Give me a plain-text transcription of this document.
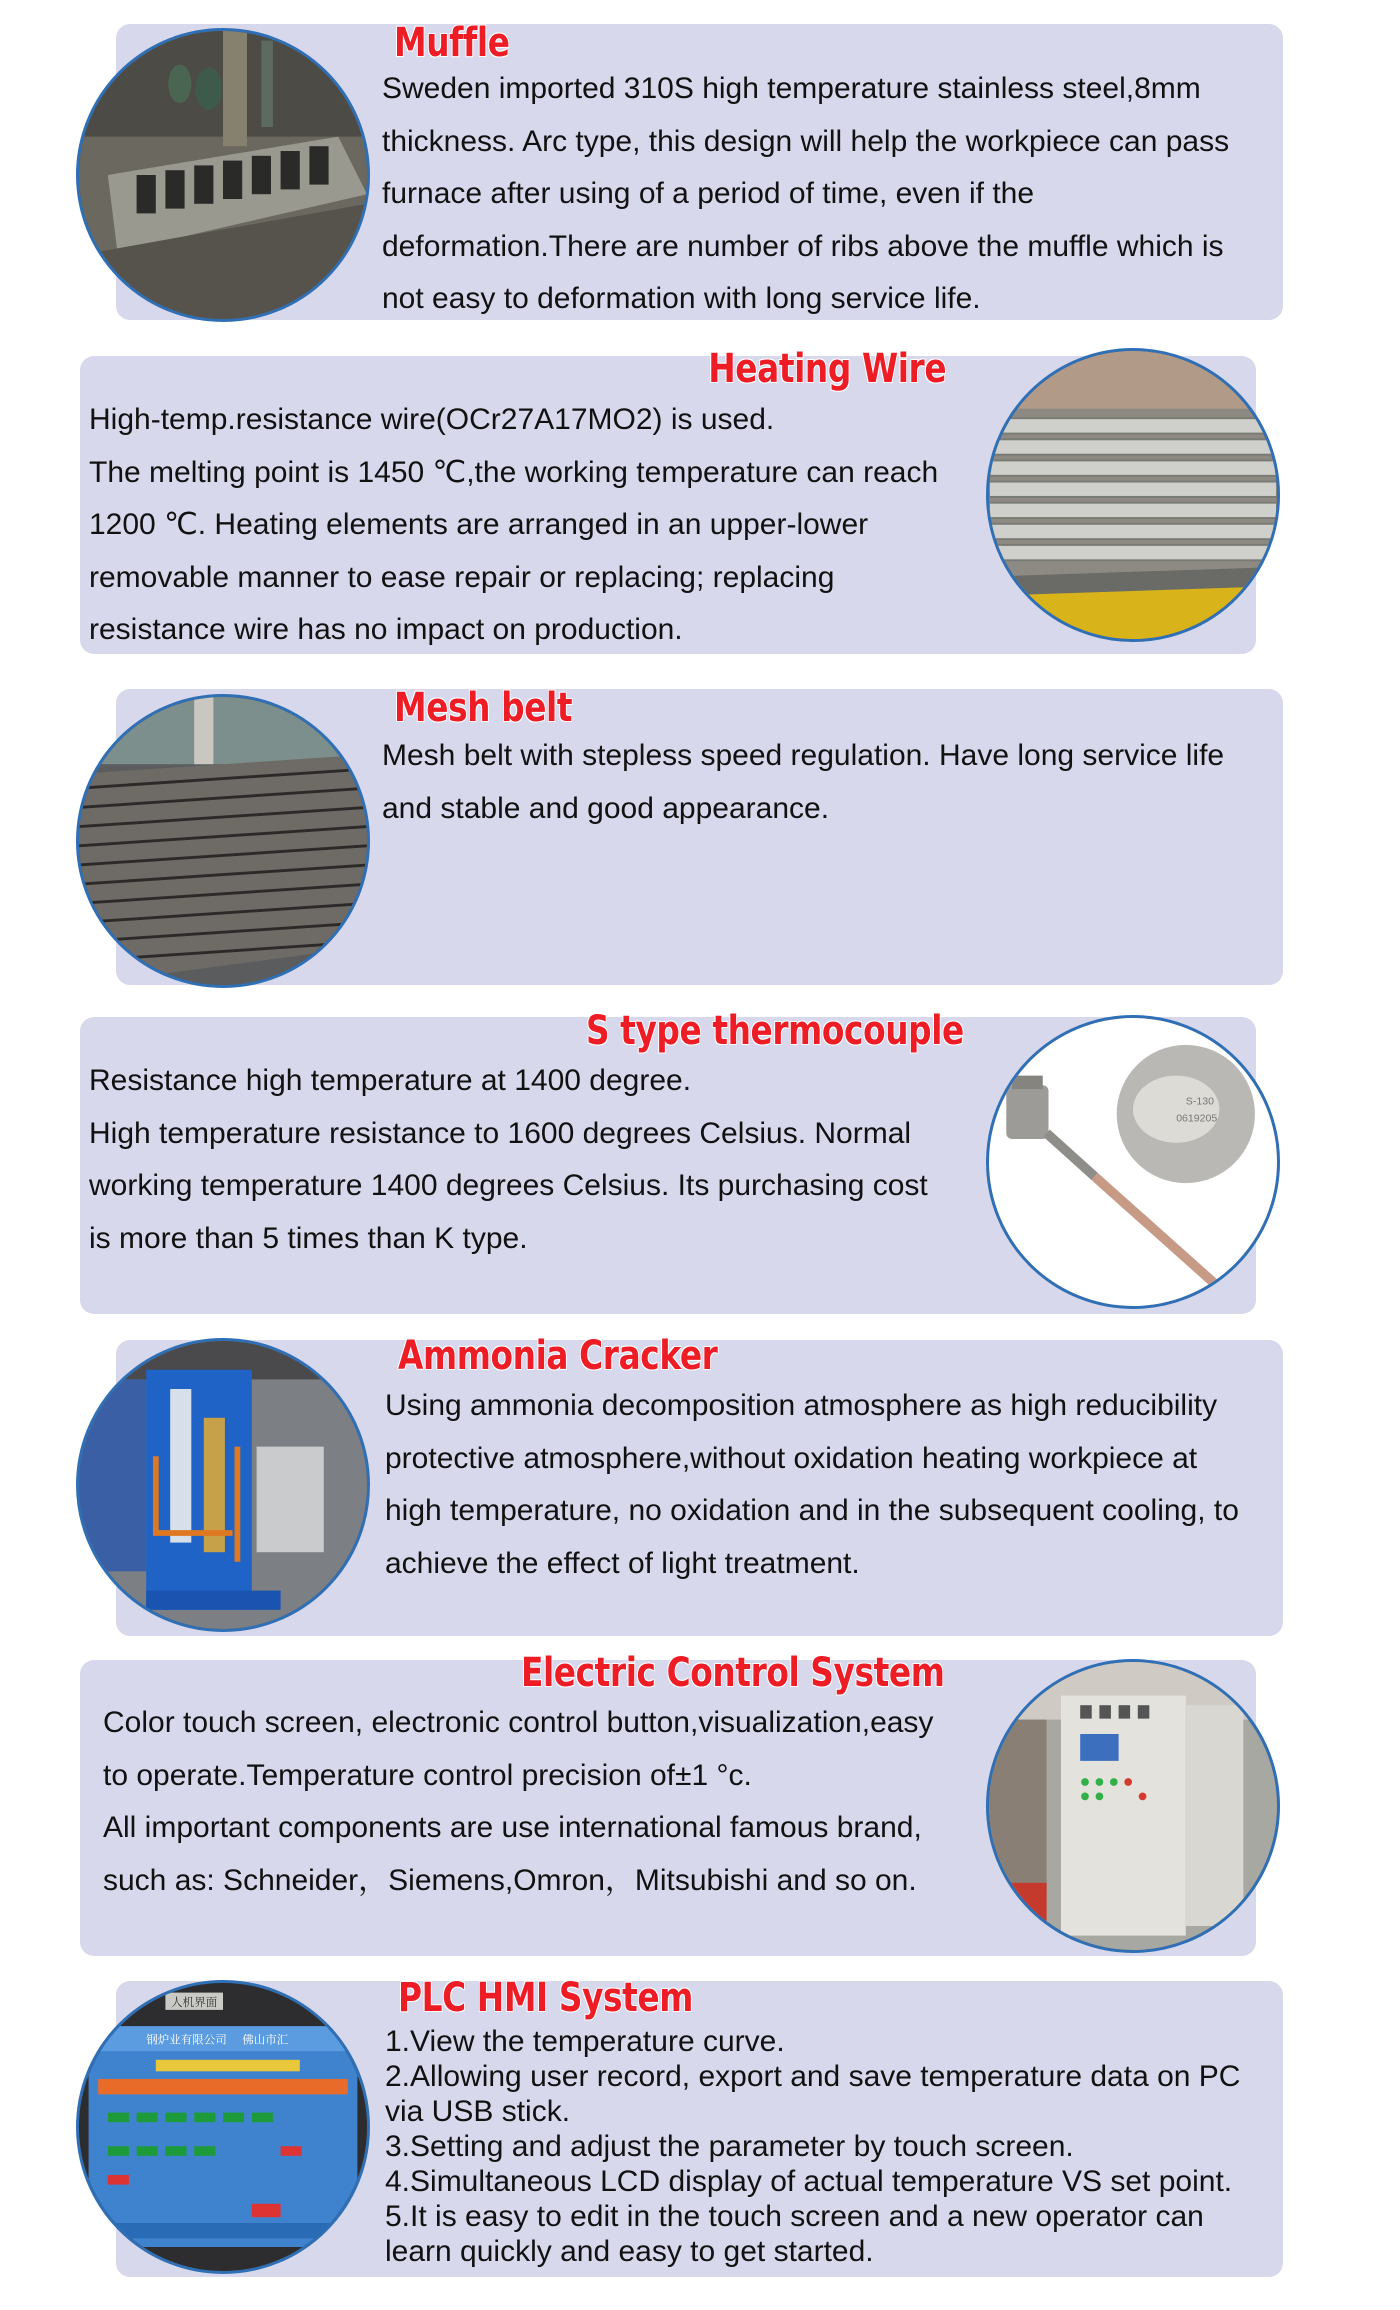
Muffle

Sweden imported 310S high temperature stainless steel,8mm

thickness. Arc type, this design will help the workpiece can pass

furnace after using of a period of time, even if the

deformation.There are number of ribs above the muffle which is

not easy to deformation with long service life.

Heating Wire

High-temp.resistance wire(OCr27A17MO2) is used.

The melting point is 1450 ℃,the working temperature can reach

1200 ℃. Heating elements are arranged in an upper-lower

removable manner to ease repair or replacing; replacing

resistance wire has no impact on production.

Mesh belt

Mesh belt with stepless speed regulation. Have long service life

and stable and good appearance.

S-130
0619205
S type thermocouple

Resistance high temperature at 1400 degree.

High temperature resistance to 1600 degrees Celsius. Normal

working temperature 1400 degrees Celsius. Its purchasing cost

is more than 5 times than K type.

Ammonia Cracker

Using ammonia decomposition atmosphere as high reducibility

protective atmosphere,without oxidation heating workpiece at

high temperature, no oxidation and in the subsequent cooling, to

achieve the effect of light treatment.

Electric Control System

Color touch screen, electronic control button,visualization,easy

to operate.Temperature control precision of±1 °c.

All important components are use international famous brand,

such as: Schneider，Siemens,Omron，Mitsubishi and so on.

人机界面
钢炉业有限公司 佛山市汇
PLC HMI System

1.View the temperature curve.

2.Allowing user record, export and save temperature data on PC

via USB stick.

3.Setting and adjust the parameter by touch screen.

4.Simultaneous LCD display of actual temperature VS set point.

5.It is easy to edit in the touch screen and a new operator can

learn quickly and easy to get started.
